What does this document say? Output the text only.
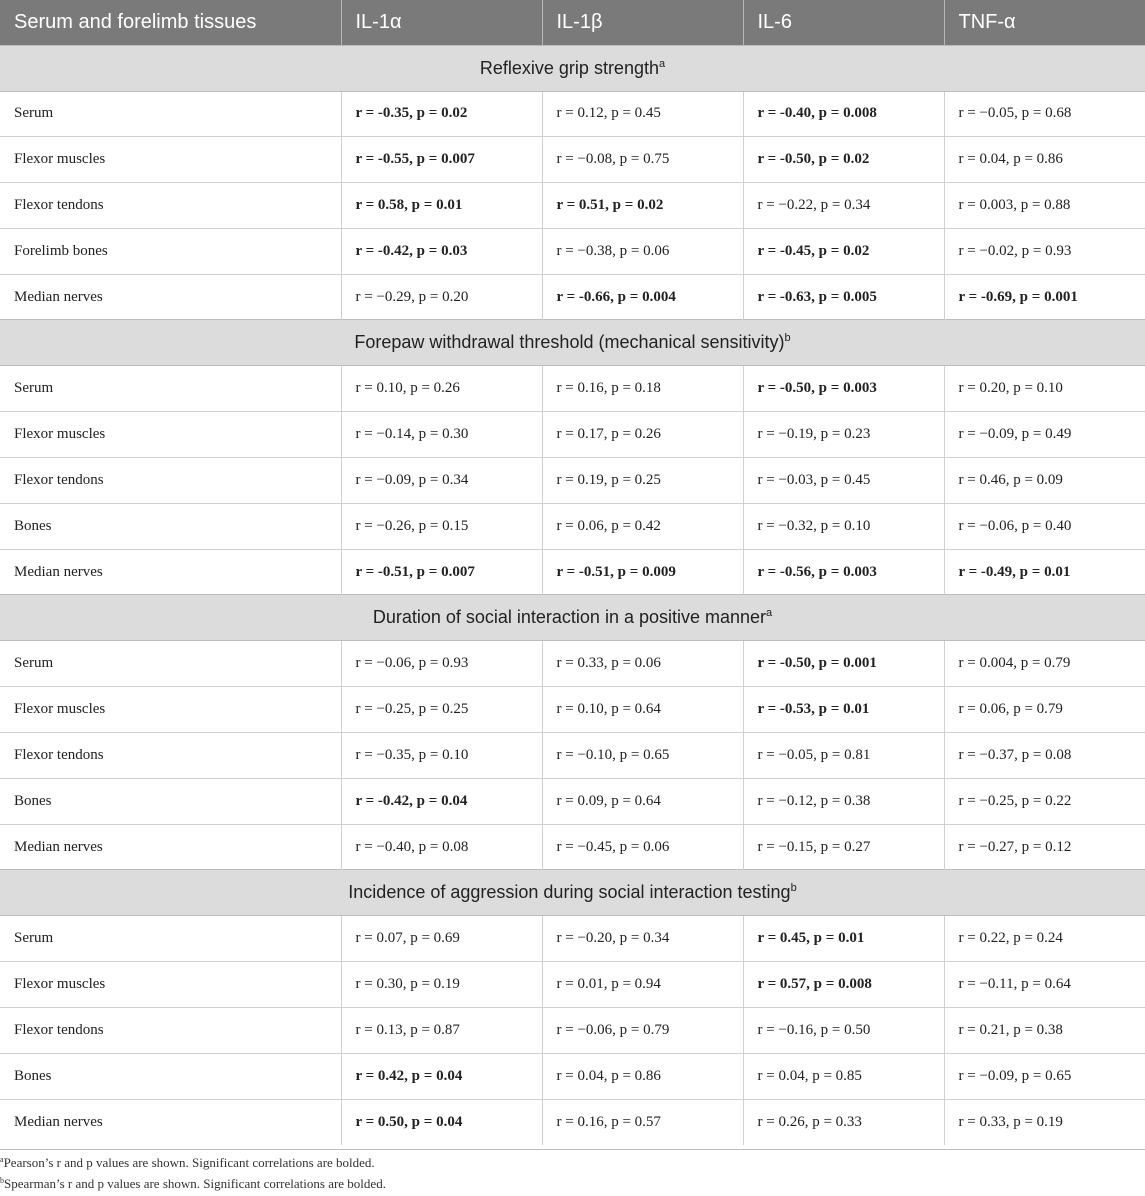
Serum and forelimb tissues	IL-1α	IL-1β	IL-6	TNF-α
Reflexive grip strength$^a$
Serum	r = -0.35, p = 0.02	r = 0.12, p = 0.45	r = -0.40, p = 0.008	r = −0.05, p = 0.68
Flexor muscles	r = -0.55, p = 0.007	r = −0.08, p = 0.75	r = -0.50, p = 0.02	r = 0.04, p = 0.86
Flexor tendons	r = 0.58, p = 0.01	r = 0.51, p = 0.02	r = −0.22, p = 0.34	r = 0.003, p = 0.88
Forelimb bones	r = -0.42, p = 0.03	r = −0.38, p = 0.06	r = -0.45, p = 0.02	r = −0.02, p = 0.93
Median nerves	r = −0.29, p = 0.20	r = -0.66, p = 0.004	r = -0.63, p = 0.005	r = -0.69, p = 0.001
Forepaw withdrawal threshold (mechanical sensitivity)$^b$
Serum	r = 0.10, p = 0.26	r = 0.16, p = 0.18	r = -0.50, p = 0.003	r = 0.20, p = 0.10
Flexor muscles	r = −0.14, p = 0.30	r = 0.17, p = 0.26	r = −0.19, p = 0.23	r = −0.09, p = 0.49
Flexor tendons	r = −0.09, p = 0.34	r = 0.19, p = 0.25	r = −0.03, p = 0.45	r = 0.46, p = 0.09
Bones	r = −0.26, p = 0.15	r = 0.06, p = 0.42	r = −0.32, p = 0.10	r = −0.06, p = 0.40
Median nerves	r = -0.51, p = 0.007	r = -0.51, p = 0.009	r = -0.56, p = 0.003	r = -0.49, p = 0.01
Duration of social interaction in a positive manner$^a$
Serum	r = −0.06, p = 0.93	r = 0.33, p = 0.06	r = -0.50, p = 0.001	r = 0.004, p = 0.79
Flexor muscles	r = −0.25, p = 0.25	r = 0.10, p = 0.64	r = -0.53, p = 0.01	r = 0.06, p = 0.79
Flexor tendons	r = −0.35, p = 0.10	r = −0.10, p = 0.65	r = −0.05, p = 0.81	r = −0.37, p = 0.08
Bones	r = -0.42, p = 0.04	r = 0.09, p = 0.64	r = −0.12, p = 0.38	r = −0.25, p = 0.22
Median nerves	r = −0.40, p = 0.08	r = −0.45, p = 0.06	r = −0.15, p = 0.27	r = −0.27, p = 0.12
Incidence of aggression during social interaction testing$^b$
Serum	r = 0.07, p = 0.69	r = −0.20, p = 0.34	r = 0.45, p = 0.01	r = 0.22, p = 0.24
Flexor muscles	r = 0.30, p = 0.19	r = 0.01, p = 0.94	r = 0.57, p = 0.008	r = −0.11, p = 0.64
Flexor tendons	r = 0.13, p = 0.87	r = −0.06, p = 0.79	r = −0.16, p = 0.50	r = 0.21, p = 0.38
Bones	r = 0.42, p = 0.04	r = 0.04, p = 0.86	r = 0.04, p = 0.85	r = −0.09, p = 0.65
Median nerves	r = 0.50, p = 0.04	r = 0.16, p = 0.57	r = 0.26, p = 0.33	r = 0.33, p = 0.19

$^a$Pearson’s r and p values are shown. Significant correlations are bolded.

$^b$Spearman’s r and p values are shown. Significant correlations are bolded.
